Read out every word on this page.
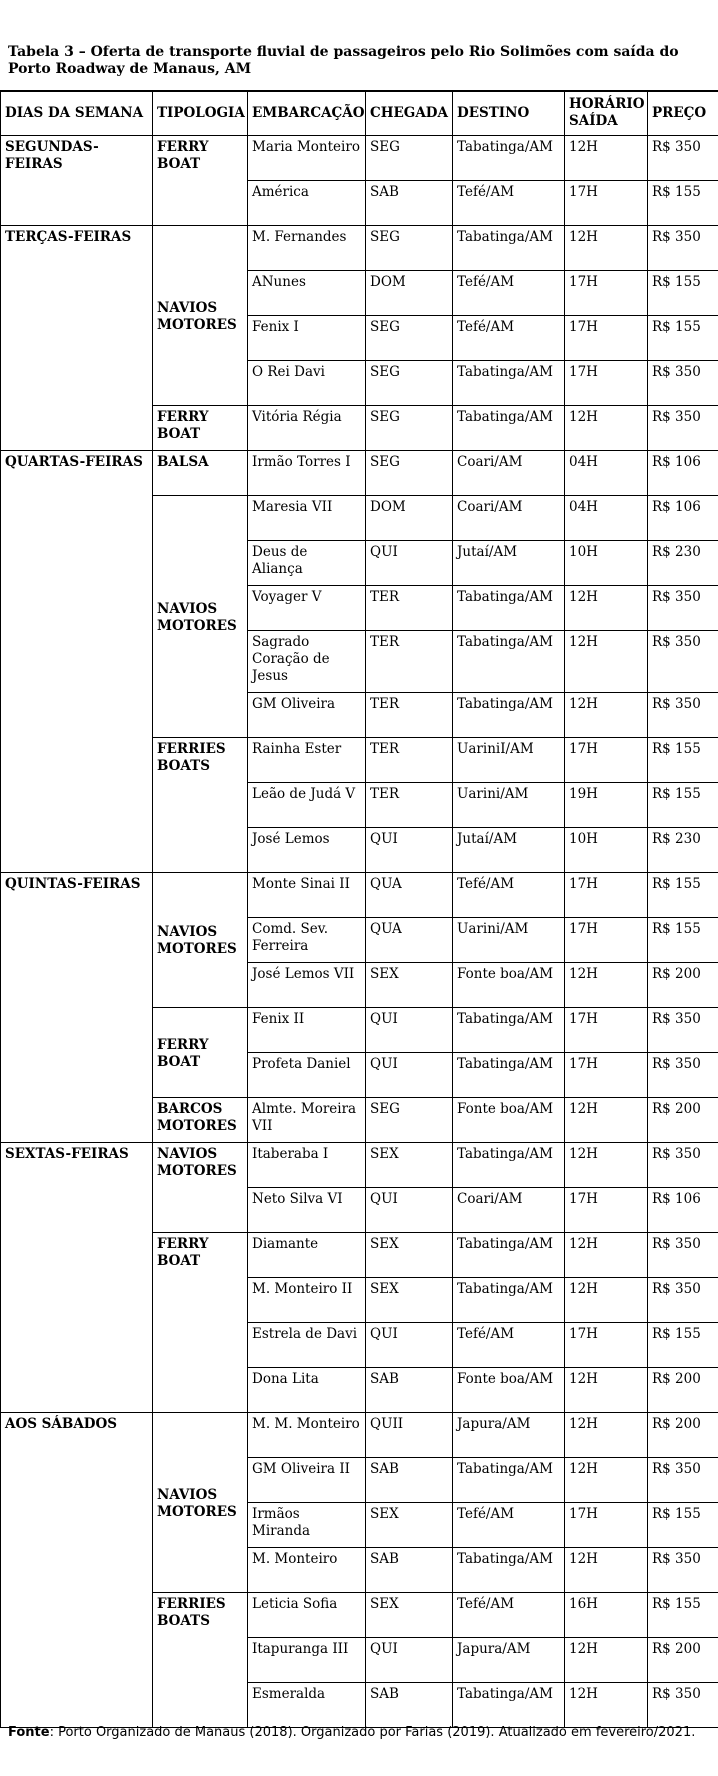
Tabela 3 – Oferta de transporte fluvial de passageiros pelo Rio Solimões com saída do Porto Roadway de Manaus, AM
DIAS DA SEMANA	TIPOLOGIA	EMBARCAÇÃO	CHEGADA	DESTINO	HORÁRIO SAÍDA	PREÇO
SEGUNDAS-FEIRAS	FERRY BOAT	Maria Monteiro	SEG	Tabatinga/AM	12H	R$ 350
		América	SAB	Tefé/AM	17H	R$ 155
TERÇAS-FEIRAS	NAVIOS MOTORES	M. Fernandes	SEG	Tabatinga/AM	12H	R$ 350
		ANunes	DOM	Tefé/AM	17H	R$ 155
		Fenix I	SEG	Tefé/AM	17H	R$ 155
		O Rei Davi	SEG	Tabatinga/AM	17H	R$ 350
	FERRY BOAT	Vitória Régia	SEG	Tabatinga/AM	12H	R$ 350
QUARTAS-FEIRAS	BALSA	Irmão Torres I	SEG	Coari/AM	04H	R$ 106
	NAVIOS MOTORES	Maresia VII	DOM	Coari/AM	04H	R$ 106
		Deus de Aliança	QUI	Jutaí/AM	10H	R$ 230
		Voyager V	TER	Tabatinga/AM	12H	R$ 350
		Sagrado Coração de Jesus	TER	Tabatinga/AM	12H	R$ 350
		GM Oliveira	TER	Tabatinga/AM	12H	R$ 350
	FERRIES BOATS	Rainha Ester	TER	UariniI/AM	17H	R$ 155
		Leão de Judá V	TER	Uarini/AM	19H	R$ 155
		José Lemos	QUI	Jutaí/AM	10H	R$ 230
QUINTAS-FEIRAS	NAVIOS MOTORES	Monte Sinai II	QUA	Tefé/AM	17H	R$ 155
		Comd. Sev. Ferreira	QUA	Uarini/AM	17H	R$ 155
		José Lemos VII	SEX	Fonte boa/AM	12H	R$ 200
	FERRY BOAT	Fenix II	QUI	Tabatinga/AM	17H	R$ 350
		Profeta Daniel	QUI	Tabatinga/AM	17H	R$ 350
	BARCOS MOTORES	Almte. Moreira VII	SEG	Fonte boa/AM	12H	R$ 200
SEXTAS-FEIRAS	NAVIOS MOTORES	Itaberaba I	SEX	Tabatinga/AM	12H	R$ 350
		Neto Silva VI	QUI	Coari/AM	17H	R$ 106
	FERRY BOAT	Diamante	SEX	Tabatinga/AM	12H	R$ 350
		M. Monteiro II	SEX	Tabatinga/AM	12H	R$ 350
		Estrela de Davi	QUI	Tefé/AM	17H	R$ 155
		Dona Lita	SAB	Fonte boa/AM	12H	R$ 200
AOS SÁBADOS	NAVIOS MOTORES	M. M. Monteiro	QUII	Japura/AM	12H	R$ 200
		GM Oliveira II	SAB	Tabatinga/AM	12H	R$ 350
		Irmãos Miranda	SEX	Tefé/AM	17H	R$ 155
		M. Monteiro	SAB	Tabatinga/AM	12H	R$ 350
	FERRIES BOATS	Leticia Sofia	SEX	Tefé/AM	16H	R$ 155
		Itapuranga III	QUI	Japura/AM	12H	R$ 200
		Esmeralda	SAB	Tabatinga/AM	12H	R$ 350
Fonte: Porto Organizado de Manaus (2018). Organizado por Farias (2019). Atualizado em fevereiro/2021.
